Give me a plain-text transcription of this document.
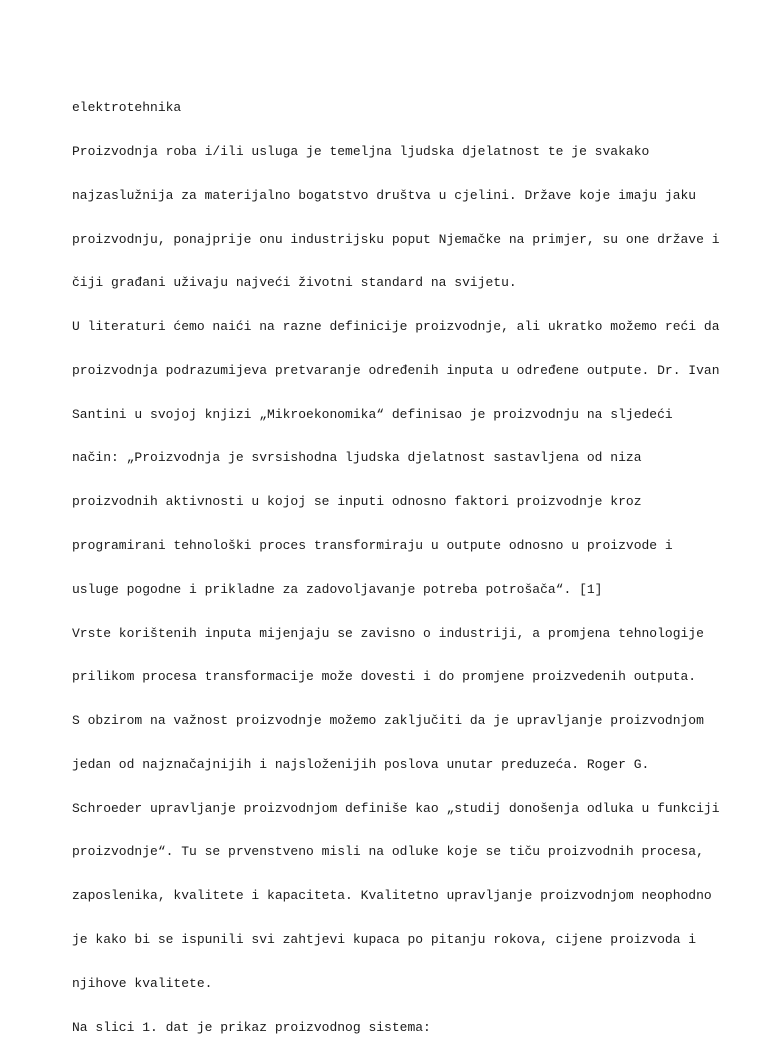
elektrotehnika

Proizvodnja roba i/ili usluga je temeljna ljudska djelatnost te je svakako

najzaslužnija za materijalno bogatstvo društva u cjelini. Države koje imaju jaku

proizvodnju, ponajprije onu industrijsku poput Njemačke na primjer, su one države i

čiji građani uživaju najveći životni standard na svijetu.

U literaturi ćemo naići na razne definicije proizvodnje, ali ukratko možemo reći da

proizvodnja podrazumijeva pretvaranje određenih inputa u određene outpute. Dr. Ivan

Santini u svojoj knjizi „Mikroekonomika“ definisao je proizvodnju na sljedeći

način: „Proizvodnja je svrsishodna ljudska djelatnost sastavljena od niza

proizvodnih aktivnosti u kojoj se inputi odnosno faktori proizvodnje kroz

programirani tehnološki proces transformiraju u outpute odnosno u proizvode i

usluge pogodne i prikladne za zadovoljavanje potreba potrošača“. [1]

Vrste korištenih inputa mijenjaju se zavisno o industriji, a promjena tehnologije

prilikom procesa transformacije može dovesti i do promjene proizvedenih outputa.

S obzirom na važnost proizvodnje možemo zaključiti da je upravljanje proizvodnjom

jedan od najznačajnijih i najsloženijih poslova unutar preduzeća. Roger G.

Schroeder upravljanje proizvodnjom definiše kao „studij donošenja odluka u funkciji

proizvodnje“. Tu se prvenstveno misli na odluke koje se tiču proizvodnih procesa,

zaposlenika, kvalitete i kapaciteta. Kvalitetno upravljanje proizvodnjom neophodno

je kako bi se ispunili svi zahtjevi kupaca po pitanju rokova, cijene proizvoda i

njihove kvalitete.

Na slici 1. dat je prikaz proizvodnog sistema:
